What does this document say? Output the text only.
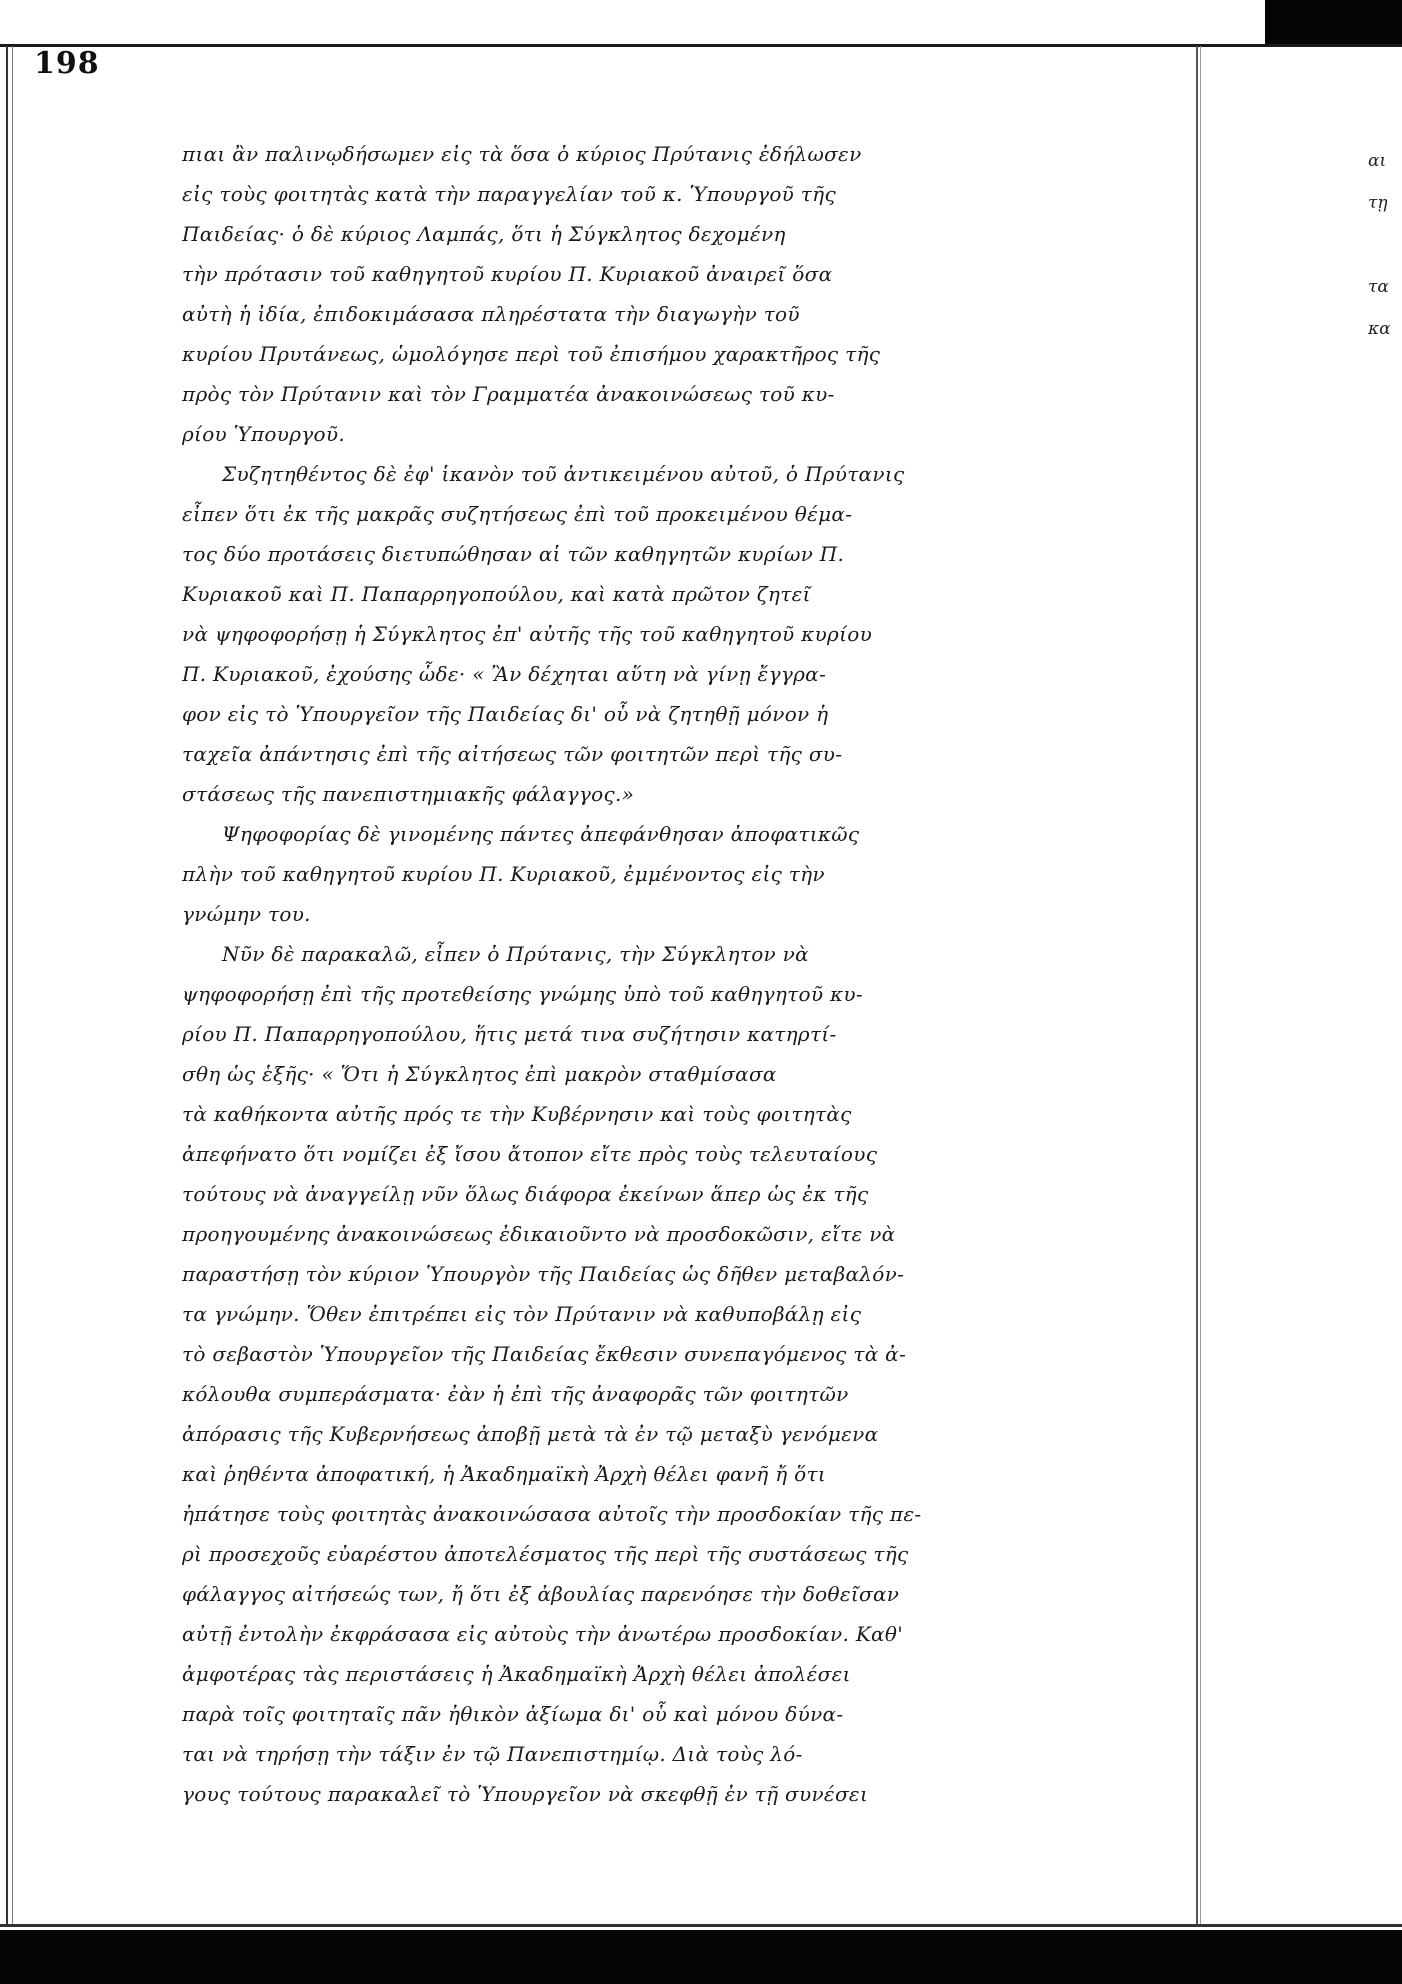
198
πιαι ἂν παλινῳδήσωμεν εἰς τὰ ὅσα ὁ κύριος Πρύτανις ἐδήλωσεν
εἰς τοὺς φοιτητὰς κατὰ τὴν παραγγελίαν τοῦ κ. Ὑπουργοῦ τῆς
Παιδείας· ὁ δὲ κύριος Λαμπάς, ὅτι ἡ Σύγκλητος δεχομένη
τὴν πρότασιν τοῦ καθηγητοῦ κυρίου Π. Κυριακοῦ ἀναιρεῖ ὅσα
αὐτὴ ἡ ἰδία, ἐπιδοκιμάσασα πληρέστατα τὴν διαγωγὴν τοῦ
κυρίου Πρυτάνεως, ὡμολόγησε περὶ τοῦ ἐπισήμου χαρακτῆρος τῆς
πρὸς τὸν Πρύτανιν καὶ τὸν Γραμματέα ἀνακοινώσεως τοῦ κυ-
ρίου Ὑπουργοῦ.
Συζητηθέντος δὲ ἐφ' ἱκανὸν τοῦ ἀντικειμένου αὐτοῦ, ὁ Πρύτανις
εἶπεν ὅτι ἐκ τῆς μακρᾶς συζητήσεως ἐπὶ τοῦ προκειμένου θέμα-
τος δύο προτάσεις διετυπώθησαν αἱ τῶν καθηγητῶν κυρίων Π.
Κυριακοῦ καὶ Π. Παπαρρηγοπούλου, καὶ κατὰ πρῶτον ζητεῖ
νὰ ψηφοφορήσῃ ἡ Σύγκλητος ἐπ' αὐτῆς τῆς τοῦ καθηγητοῦ κυρίου
Π. Κυριακοῦ, ἐχούσης ὧδε· « Ἂν δέχηται αὕτη νὰ γίνῃ ἔγγρα-
φον εἰς τὸ Ὑπουργεῖον τῆς Παιδείας δι' οὗ νὰ ζητηθῇ μόνον ἡ
ταχεῖα ἀπάντησις ἐπὶ τῆς αἰτήσεως τῶν φοιτητῶν περὶ τῆς συ-
στάσεως τῆς πανεπιστημιακῆς φάλαγγος.»
Ψηφοφορίας δὲ γινομένης πάντες ἀπεφάνθησαν ἀποφατικῶς
πλὴν τοῦ καθηγητοῦ κυρίου Π. Κυριακοῦ, ἐμμένοντος εἰς τὴν
γνώμην του.
Νῦν δὲ παρακαλῶ, εἶπεν ὁ Πρύτανις, τὴν Σύγκλητον νὰ
ψηφοφορήσῃ ἐπὶ τῆς προτεθείσης γνώμης ὑπὸ τοῦ καθηγητοῦ κυ-
ρίου Π. Παπαρρηγοπούλου, ἥτις μετά τινα συζήτησιν κατηρτί-
σθη ὡς ἑξῆς· « Ὅτι ἡ Σύγκλητος ἐπὶ μακρὸν σταθμίσασα
τὰ καθήκοντα αὐτῆς πρός τε τὴν Κυβέρνησιν καὶ τοὺς φοιτητὰς
ἀπεφήνατο ὅτι νομίζει ἐξ ἴσου ἄτοπον εἴτε πρὸς τοὺς τελευταίους
τούτους νὰ ἀναγγείλῃ νῦν ὅλως διάφορα ἐκείνων ἅπερ ὡς ἐκ τῆς
προηγουμένης ἀνακοινώσεως ἐδικαιοῦντο νὰ προσδοκῶσιν, εἴτε νὰ
παραστήσῃ τὸν κύριον Ὑπουργὸν τῆς Παιδείας ὡς δῆθεν μεταβαλόν-
τα γνώμην. Ὅθεν ἐπιτρέπει εἰς τὸν Πρύτανιν νὰ καθυποβάλῃ εἰς
τὸ σεβαστὸν Ὑπουργεῖον τῆς Παιδείας ἔκθεσιν συνεπαγόμενος τὰ ἀ-
κόλουθα συμπεράσματα· ἐὰν ἡ ἐπὶ τῆς ἀναφορᾶς τῶν φοιτητῶν
ἀπόρασις τῆς Κυβερνήσεως ἀποβῇ μετὰ τὰ ἐν τῷ μεταξὺ γενόμενα
καὶ ῥηθέντα ἀποφατική, ἡ Ἀκαδημαϊκὴ Ἀρχὴ θέλει φανῆ ἤ ὅτι
ἠπάτησε τοὺς φοιτητὰς ἀνακοινώσασα αὐτοῖς τὴν προσδοκίαν τῆς πε-
ρὶ προσεχοῦς εὐαρέστου ἀποτελέσματος τῆς περὶ τῆς συστάσεως τῆς
φάλαγγος αἰτήσεώς των, ἤ ὅτι ἐξ ἀβουλίας παρενόησε τὴν δοθεῖσαν
αὐτῇ ἐντολὴν ἐκφράσασα εἰς αὐτοὺς τὴν ἀνωτέρω προσδοκίαν. Καθ'
ἀμφοτέρας τὰς περιστάσεις ἡ Ἀκαδημαϊκὴ Ἀρχὴ θέλει ἀπολέσει
παρὰ τοῖς φοιτηταῖς πᾶν ἠθικὸν ἀξίωμα δι' οὗ καὶ μόνου δύνα-
ται νὰ τηρήσῃ τὴν τάξιν ἐν τῷ Πανεπιστημίῳ. Διὰ τοὺς λό-
γους τούτους παρακαλεῖ τὸ Ὑπουργεῖον νὰ σκεφθῇ ἐν τῇ συνέσει
αι
τῃ
τα
κα
